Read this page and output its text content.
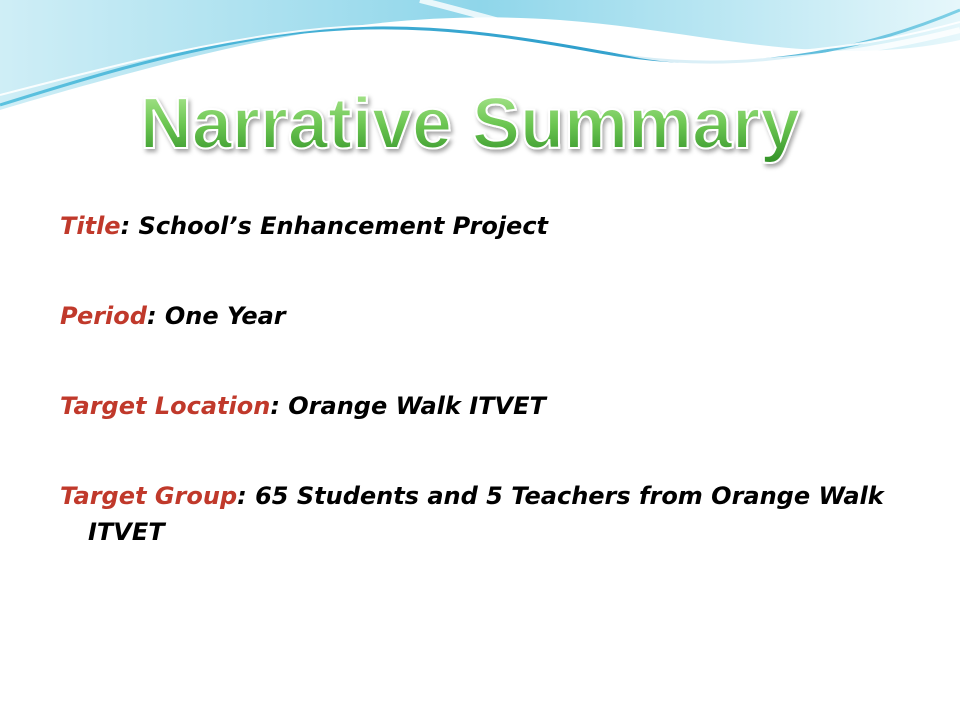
Narrative Summary
Title: School’s Enhancement Project
Period: One Year
Target Location: Orange Walk ITVET
Target Group: 65 Students and 5 Teachers from Orange Walk ITVET
